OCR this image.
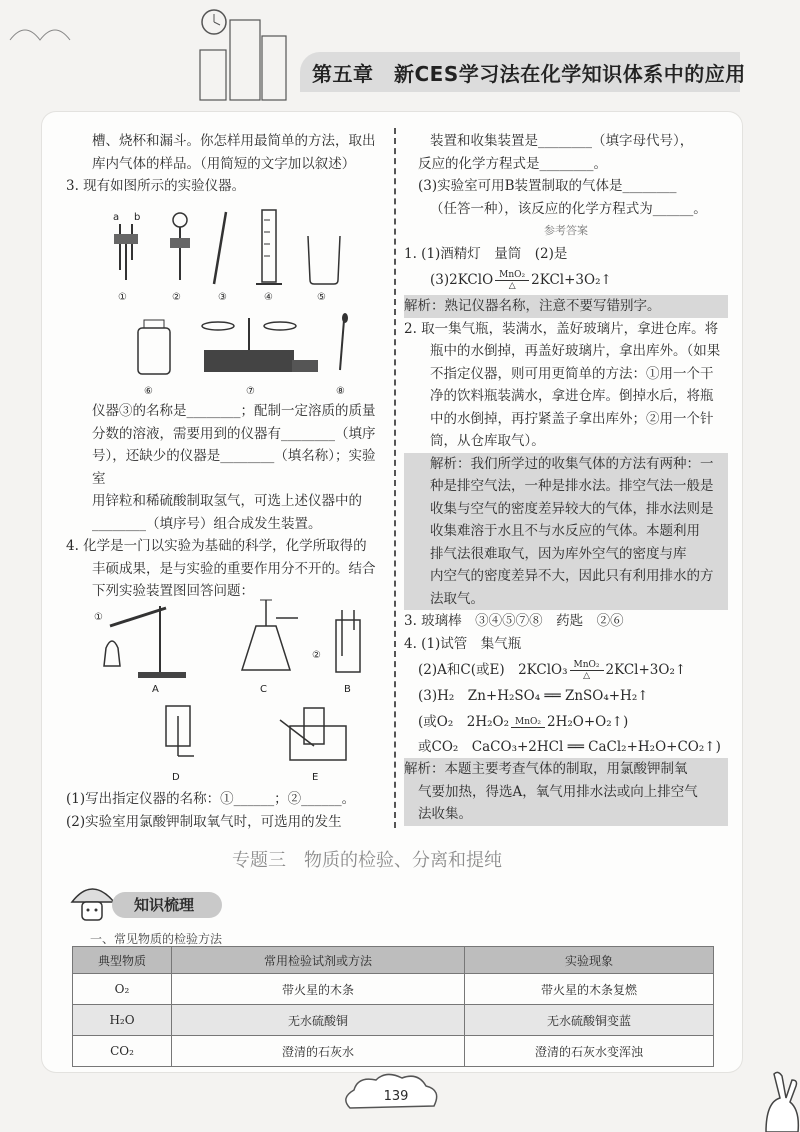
第五章　新CES学习法在化学知识体系中的应用

槽、烧杯和漏斗。你怎样用最简单的方法，取出

库内气体的样品。（用简短的文字加以叙述）

3. 现有如图所示的实验仪器。

a b
①	②	③	④	⑤
⑥	⑦	⑧

仪器③的名称是________；配制一定溶质的质量

分数的溶液，需要用到的仪器有________（填序

号），还缺少的仪器是________（填名称）；实验室

用锌粒和稀硫酸制取氢气，可选上述仪器中的

________（填序号）组合成发生装置。

4. 化学是一门以实验为基础的科学，化学所取得的

丰硕成果，是与实验的重要作用分不开的。结合

下列实验装置图回答问题：

①
A	C
②
B
D	E

(1)写出指定仪器的名称：①______；②______。

(2)实验室用氯酸钾制取氧气时，可选用的发生

装置和收集装置是________（填字母代号），

反应的化学方程式是________。

(3)实验室可用B装置制取的气体是________

（任答一种），该反应的化学方程式为______。

参考答案

1. (1)酒精灯　量筒　(2)是

(3)2KClO $\frac{\text{MnO₂}}{\triangle}$ 2KCl+3O₂↑

解析：熟记仪器名称，注意不要写错别字。

2. 取一集气瓶，装满水，盖好玻璃片，拿进仓库。将

瓶中的水倒掉，再盖好玻璃片，拿出库外。（如果

不指定仪器，则可用更简单的方法：①用一个干

净的饮料瓶装满水，拿进仓库。倒掉水后，将瓶

中的水倒掉，再拧紧盖子拿出库外；②用一个针

筒，从仓库取气）。

解析：我们所学过的收集气体的方法有两种：一

种是排空气法，一种是排水法。排空气法一般是

收集与空气的密度差异较大的气体，排水法则是

收集难溶于水且不与水反应的气体。本题利用

排气法很难取气，因为库外空气的密度与库

内空气的密度差异不大，因此只有利用排水的方

法取气。

3. 玻璃棒　③④⑤⑦⑧　药匙　②⑥

4. (1)试管　集气瓶

(2)A和C(或E)　2KClO₃ $\frac{\text{MnO₂}}{\triangle}$ 2KCl+3O₂↑

(3)H₂　Zn+H₂SO₄ ══ ZnSO₄+H₂↑

(或O₂　2H₂O₂ MnO₂ 2H₂O+O₂↑)

或CO₂　CaCO₃+2HCl ══ CaCl₂+H₂O+CO₂↑)

解析：本题主要考查气体的制取，用氯酸钾制氧

气要加热，得选A，氧气用排水法或向上排空气

法收集。

专题三　物质的检验、分离和提纯
知识梳理
一、常见物质的检验方法
典型物质	常用检验试剂或方法	实验现象
O₂	带火星的木条	带火星的木条复燃
H₂O	无水硫酸铜	无水硫酸铜变蓝
CO₂	澄清的石灰水	澄清的石灰水变浑浊
139
